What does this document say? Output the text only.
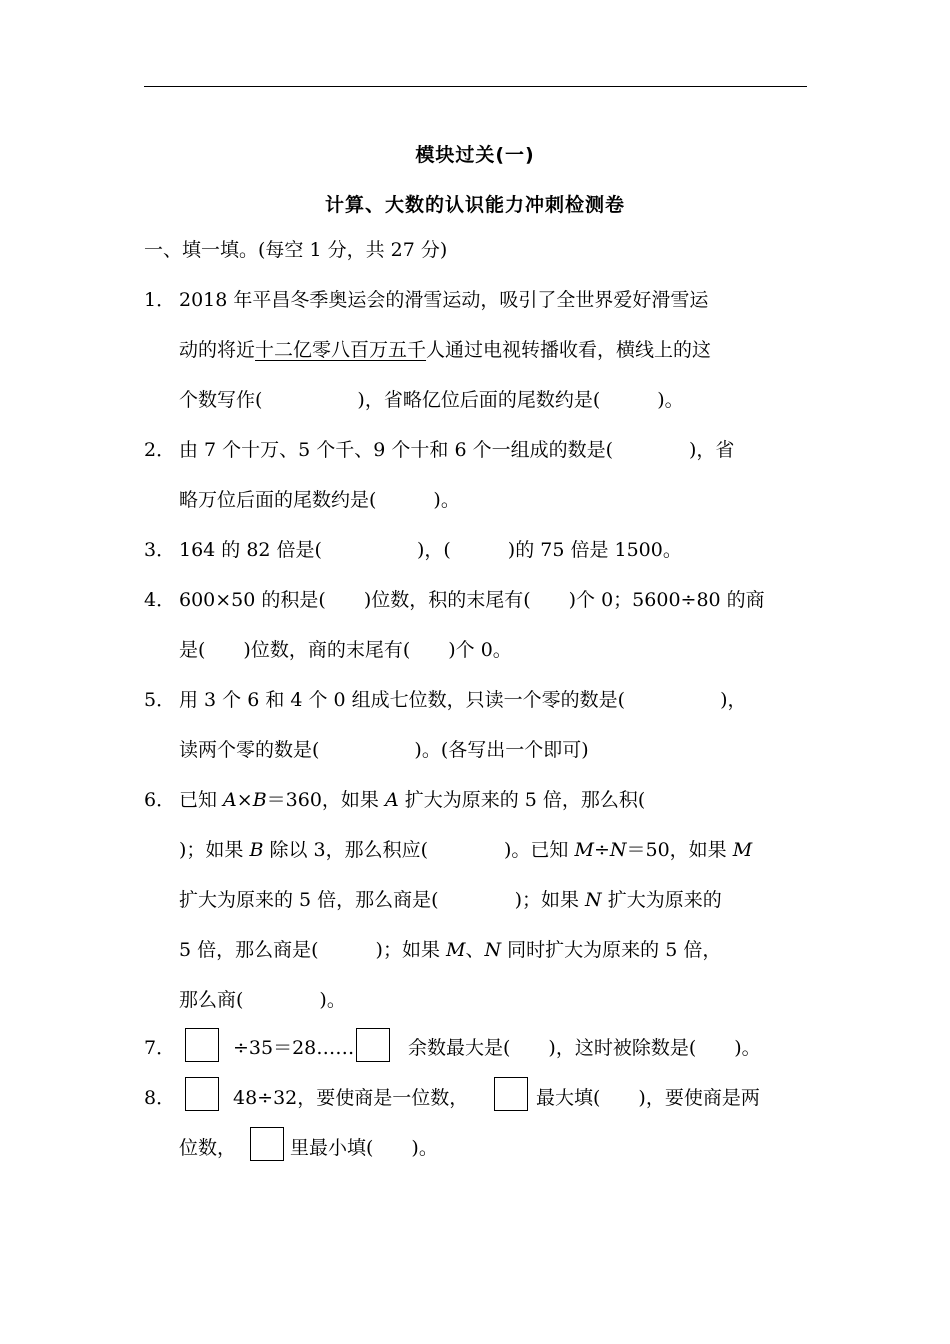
模块过关(一)
计算、大数的认识能力冲刺检测卷
一、填一填。(每空 1 分，共 27 分)
1． 2018 年平昌冬季奥运会的滑雪运动，吸引了全世界爱好滑雪运
动的将近十二亿零八百万五千人通过电视转播收看，横线上的这
个数写作(　　　　　)，省略亿位后面的尾数约是(　　　)。
2． 由 7 个十万、5 个千、9 个十和 6 个一组成的数是(　　　　)，省
略万位后面的尾数约是(　　　)。
3． 164 的 82 倍是(　　　　　)，(　　　)的 75 倍是 1500。
4． 600×50 的积是(　　)位数，积的末尾有(　　)个 0；5600÷80 的商
是(　　)位数，商的末尾有(　　)个 0。
5． 用 3 个 6 和 4 个 0 组成七位数，只读一个零的数是(　　　　　)，
读两个零的数是(　　　　　)。(各写出一个即可)
6． 已知 A×B＝360，如果 A 扩大为原来的 5 倍，那么积(
)；如果 B 除以 3，那么积应(　　　　)。已知 M÷N＝50，如果 M
扩大为原来的 5 倍，那么商是(　　　　)；如果 N 扩大为原来的
5 倍，那么商是(　　　)；如果 M、N 同时扩大为原来的 5 倍，
那么商(　　　　)。
7．	÷35＝28……	余数最大是(　　)，这时被除数是(　　)。
8．	48÷32，要使商是一位数，	最大填(　　)，要使商是两
位数，	里最小填(　　)。
